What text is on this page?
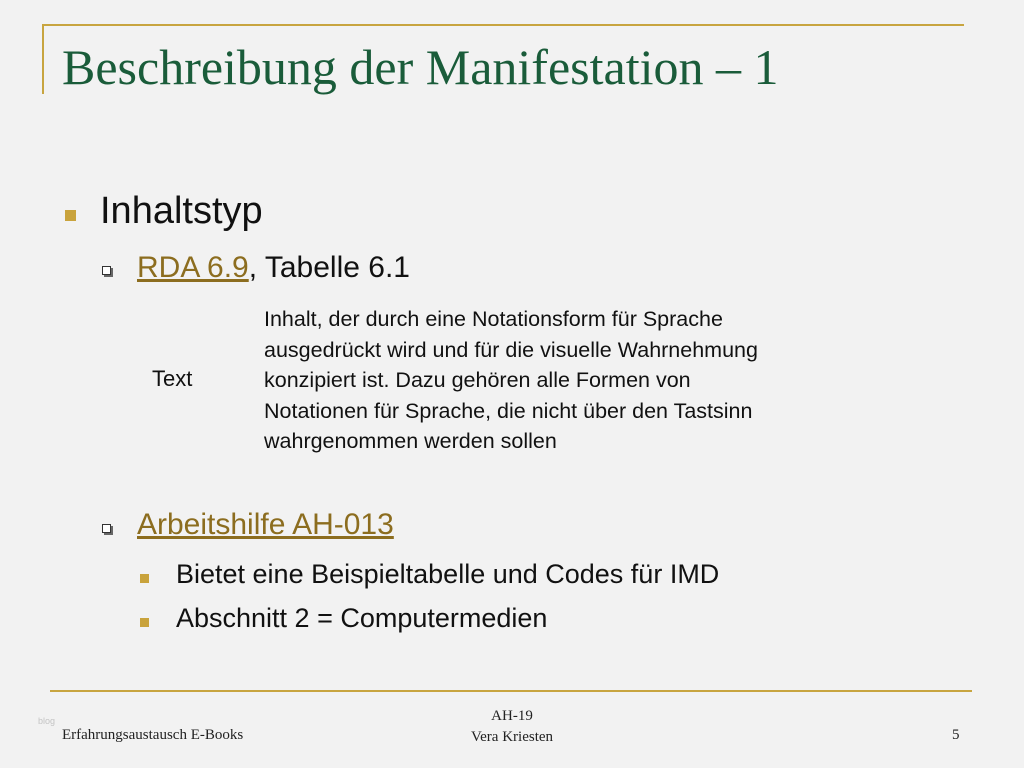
Beschreibung der Manifestation – 1
Inhaltstyp
RDA 6.9, Tabelle 6.1
Text
Inhalt, der durch eine Notationsform für Sprache
ausgedrückt wird und für die visuelle Wahrnehmung
konzipiert ist. Dazu gehören alle Formen von
Notationen für Sprache, die nicht über den Tastsinn
wahrgenommen werden sollen
Arbeitshilfe AH-013
Bietet eine Beispieltabelle und Codes für IMD
Abschnitt 2 = Computermedien
blog
Erfahrungsaustausch E-Books
AH-19
Vera Kriesten	5
